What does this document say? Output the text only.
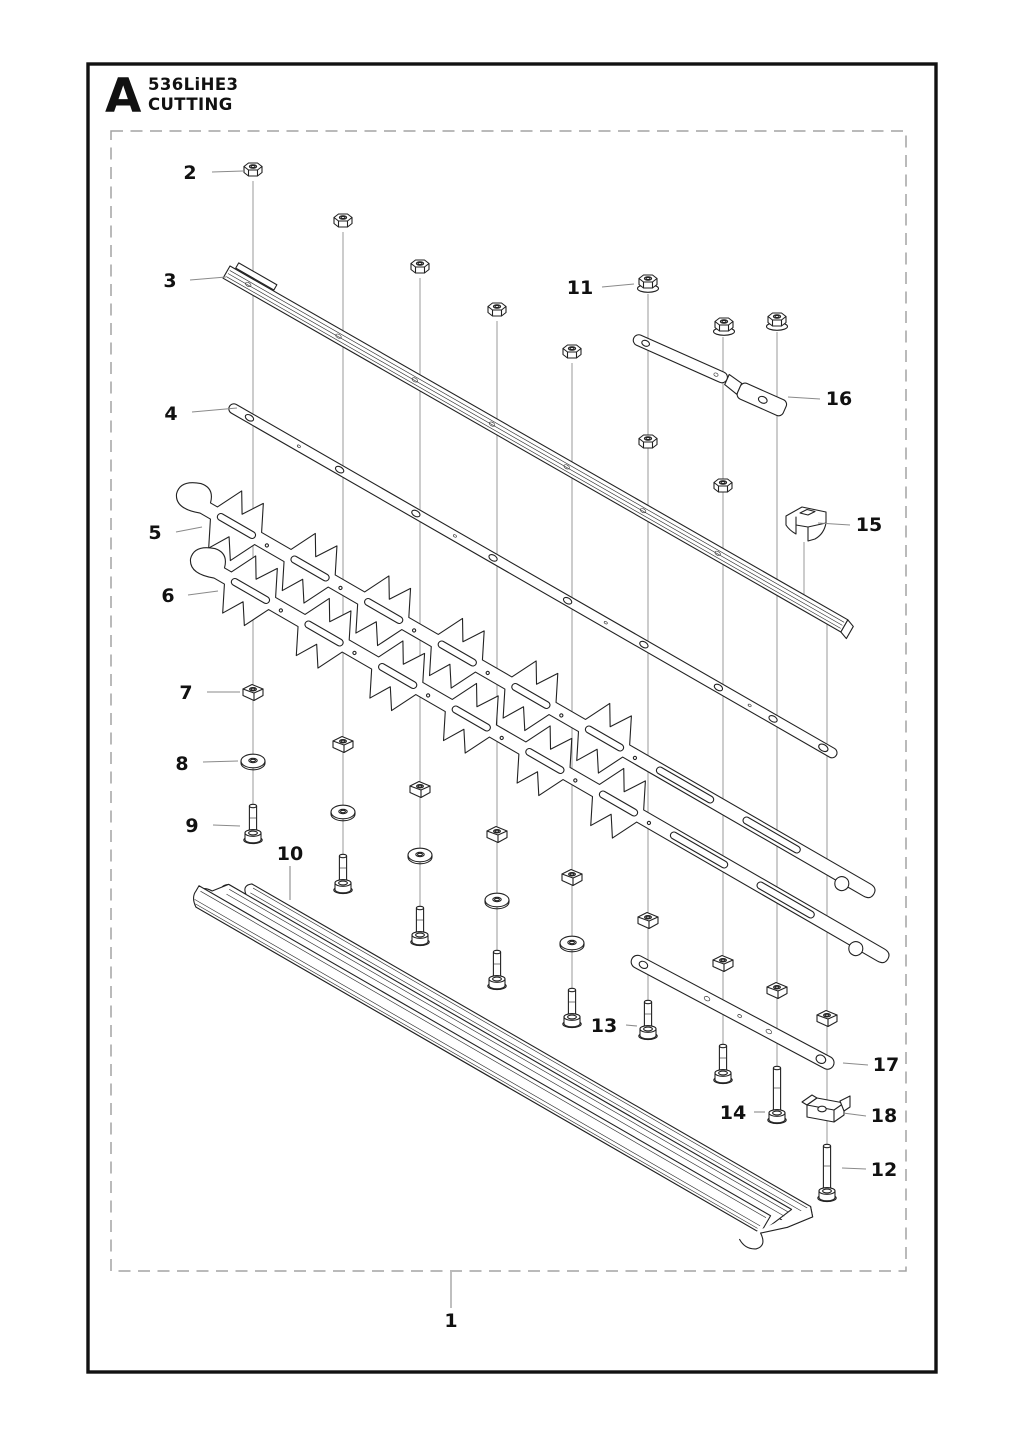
A 536LiHE3
CUTTING
1
2
3
4
5
6
7
8
9
10
11
12
13
14
15
16
17
18
